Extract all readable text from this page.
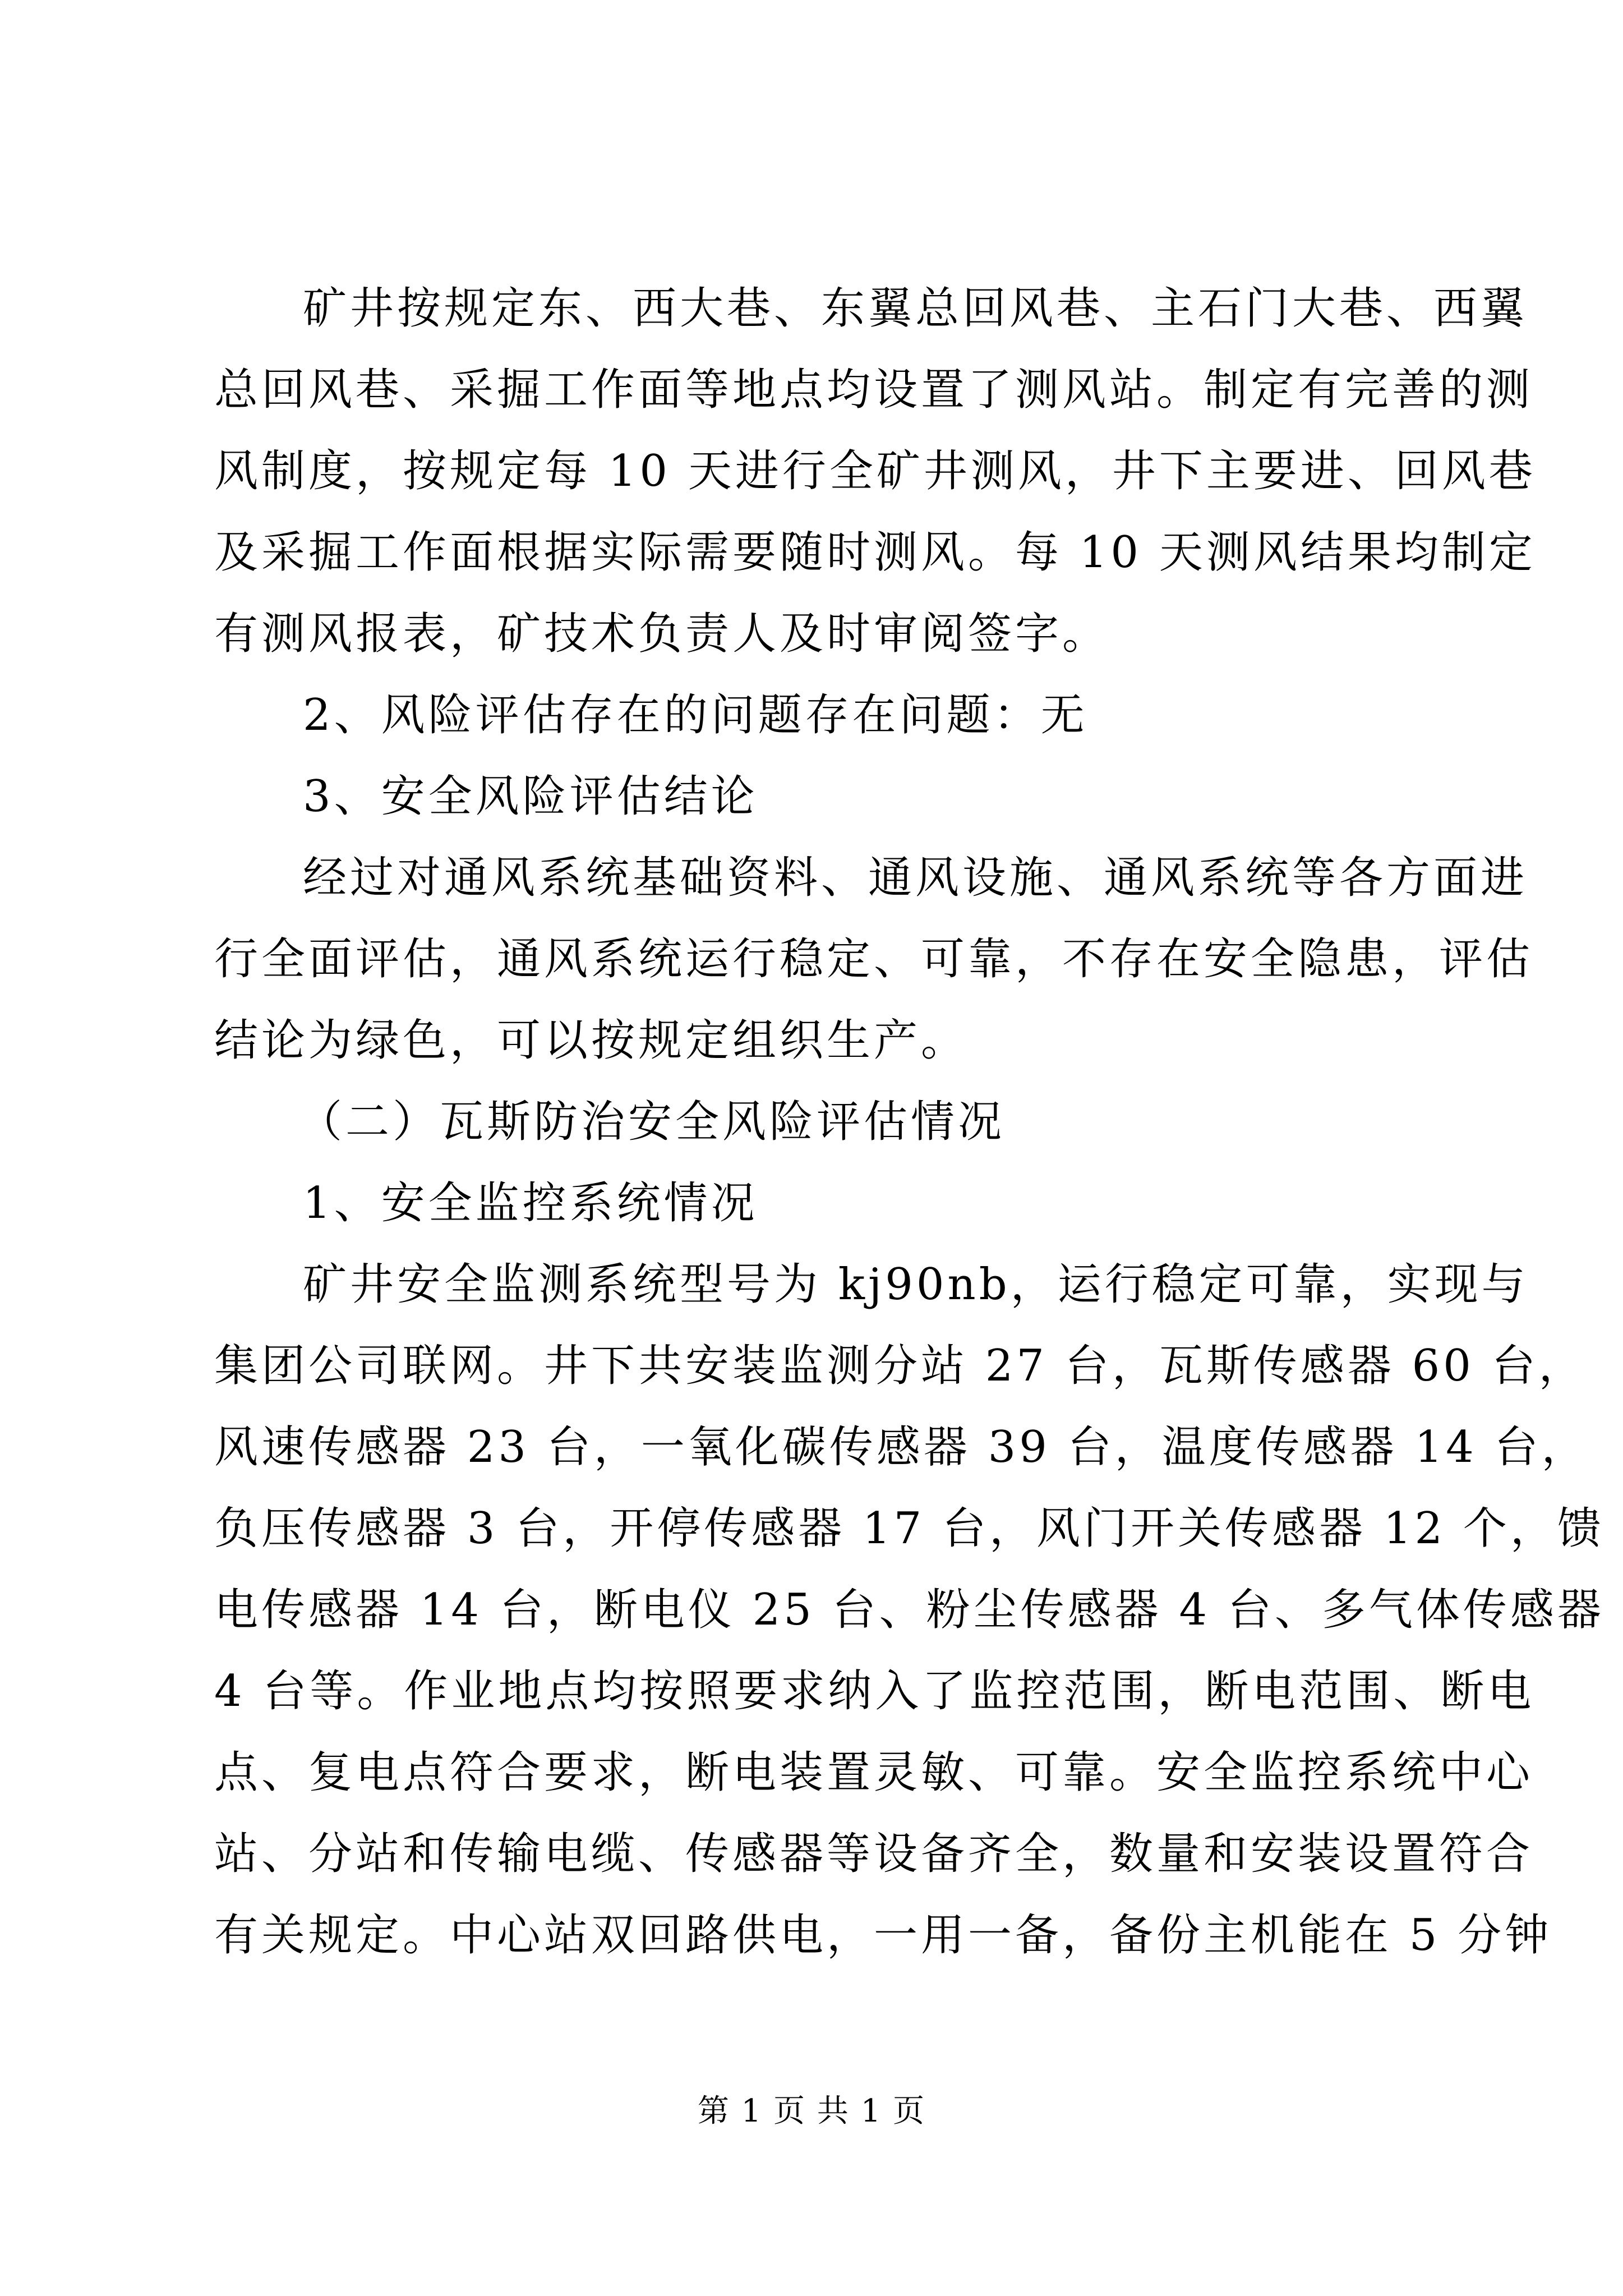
矿井按规定东、西大巷、东翼总回风巷、主石门大巷、西翼
总回风巷、采掘工作面等地点均设置了测风站。制定有完善的测
风制度，按规定每 10 天进行全矿井测风，井下主要进、回风巷
及采掘工作面根据实际需要随时测风。每 10 天测风结果均制定
有测风报表，矿技术负责人及时审阅签字。
2、风险评估存在的问题存在问题：无
3、安全风险评估结论
经过对通风系统基础资料、通风设施、通风系统等各方面进
行全面评估，通风系统运行稳定、可靠，不存在安全隐患，评估
结论为绿色，可以按规定组织生产。
（二）瓦斯防治安全风险评估情况
1、安全监控系统情况
矿井安全监测系统型号为 kj90nb，运行稳定可靠，实现与
集团公司联网。井下共安装监测分站 27 台，瓦斯传感器 60 台，
风速传感器 23 台，一氧化碳传感器 39 台，温度传感器 14 台，
负压传感器 3 台，开停传感器 17 台，风门开关传感器 12 个，馈
电传感器 14 台，断电仪 25 台、粉尘传感器 4 台、多气体传感器
4 台等。作业地点均按照要求纳入了监控范围，断电范围、断电
点、复电点符合要求，断电装置灵敏、可靠。安全监控系统中心
站、分站和传输电缆、传感器等设备齐全，数量和安装设置符合
有关规定。中心站双回路供电，一用一备，备份主机能在 5 分钟
第 1 页 共 1 页
